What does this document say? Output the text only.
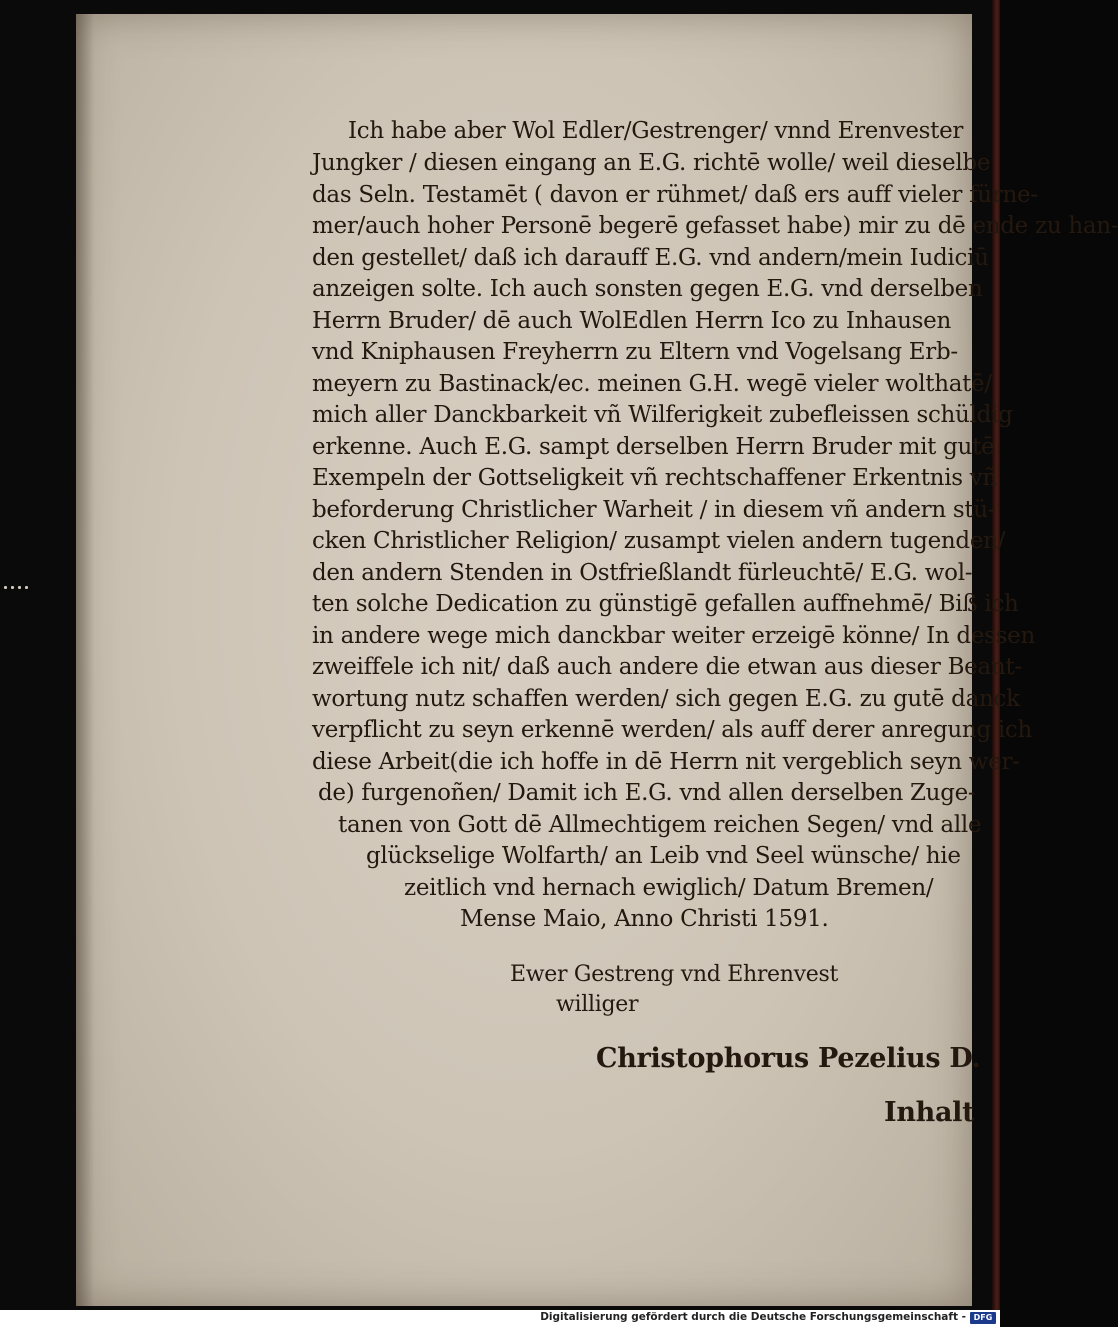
Ich habe aber Wol Edler/Gestrenger/ vnnd Erenvester
Jungker / diesen eingang an E.G. richtē wolle/ weil dieselbe
das Seln. Testamēt ( davon er rühmet/ daß ers auff vieler fürne-
mer/auch hoher Personē begerē gefasset habe) mir zu dē ende zu han-
den gestellet/ daß ich darauff E.G. vnd andern/mein Iudiciū
anzeigen solte. Ich auch sonsten gegen E.G. vnd derselben
Herrn Bruder/ dē auch WolEdlen Herrn Ico zu Inhausen
vnd Kniphausen Freyherrn zu Eltern vnd Vogelsang Erb-
meyern zu Bastinack/ec. meinen G.H. wegē vieler wolthatē/
mich aller Danckbarkeit vñ Wilferigkeit zubefleissen schüldig
erkenne. Auch E.G. sampt derselben Herrn Bruder mit gutē
Exempeln der Gottseligkeit vñ rechtschaffener Erkentnis vñ
beforderung Christlicher Warheit / in diesem vñ andern stü-
cken Christlicher Religion/ zusampt vielen andern tugenden/
den andern Stenden in Ostfrießlandt fürleuchtē/ E.G. wol-
ten solche Dedication zu günstigē gefallen auffnehmē/ Biß ich
in andere wege mich danckbar weiter erzeigē könne/ In dessen
zweiffele ich nit/ daß auch andere die etwan aus dieser Beant-
wortung nutz schaffen werden/ sich gegen E.G. zu gutē danck
verpflicht zu seyn erkennē werden/ als auff derer anregung ich
diese Arbeit(die ich hoffe in dē Herrn nit vergeblich seyn wer-
de) furgenoñen/ Damit ich E.G. vnd allen derselben Zuge-
tanen von Gott dē Allmechtigem reichen Segen/ vnd alle
glückselige Wolfarth/ an Leib vnd Seel wünsche/ hie
zeitlich vnd hernach ewiglich/ Datum Bremen/
Mense Maio, Anno Christi 1591.
Ewer Gestreng vnd Ehrenvest
williger
Christophorus Pezelius D.
Inhalt
Digitalisierung gefördert durch die Deutsche Forschungsgemeinschaft - DFG
